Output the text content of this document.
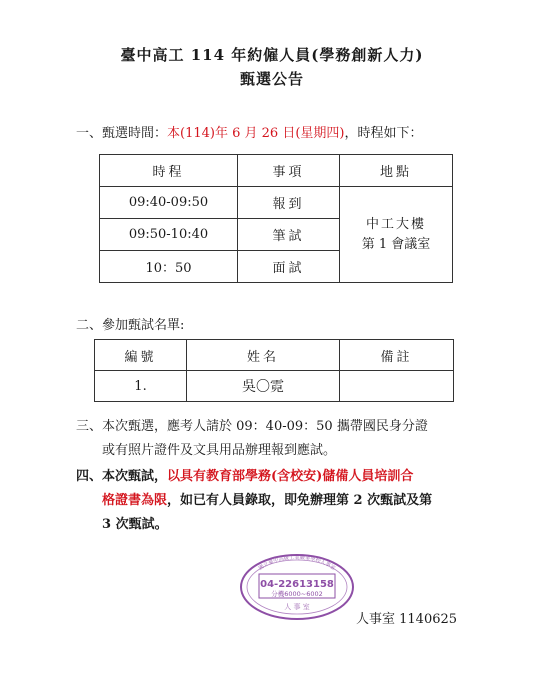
臺中高工 114 年約僱人員(學務創新人力)
甄選公告
一、甄選時間：本(114)年 6 月 26 日(星期四)，時程如下：
時程	事項	地點
09:40-09:50	報到	中工大樓
第 1 會議室

09:50-10:40	筆試	
10：50	面試	
二、參加甄試名單:
編號	姓名	備註
1.	吳〇霓	
三、本次甄選，應考人請於 09：40-09：50 攜帶國民身分證
或有照片證件及文具用品辦理報到應試。
四、本次甄試，以具有教育部學務(含校安)儲備人員培訓合
格證書為限，如已有人員錄取，即免辦理第 2 次甄試及第
3 次甄試。
國立臺中高級工業職業學校人事室
04-22613158
分機6000~6002
人 事 室
人事室 1140625
